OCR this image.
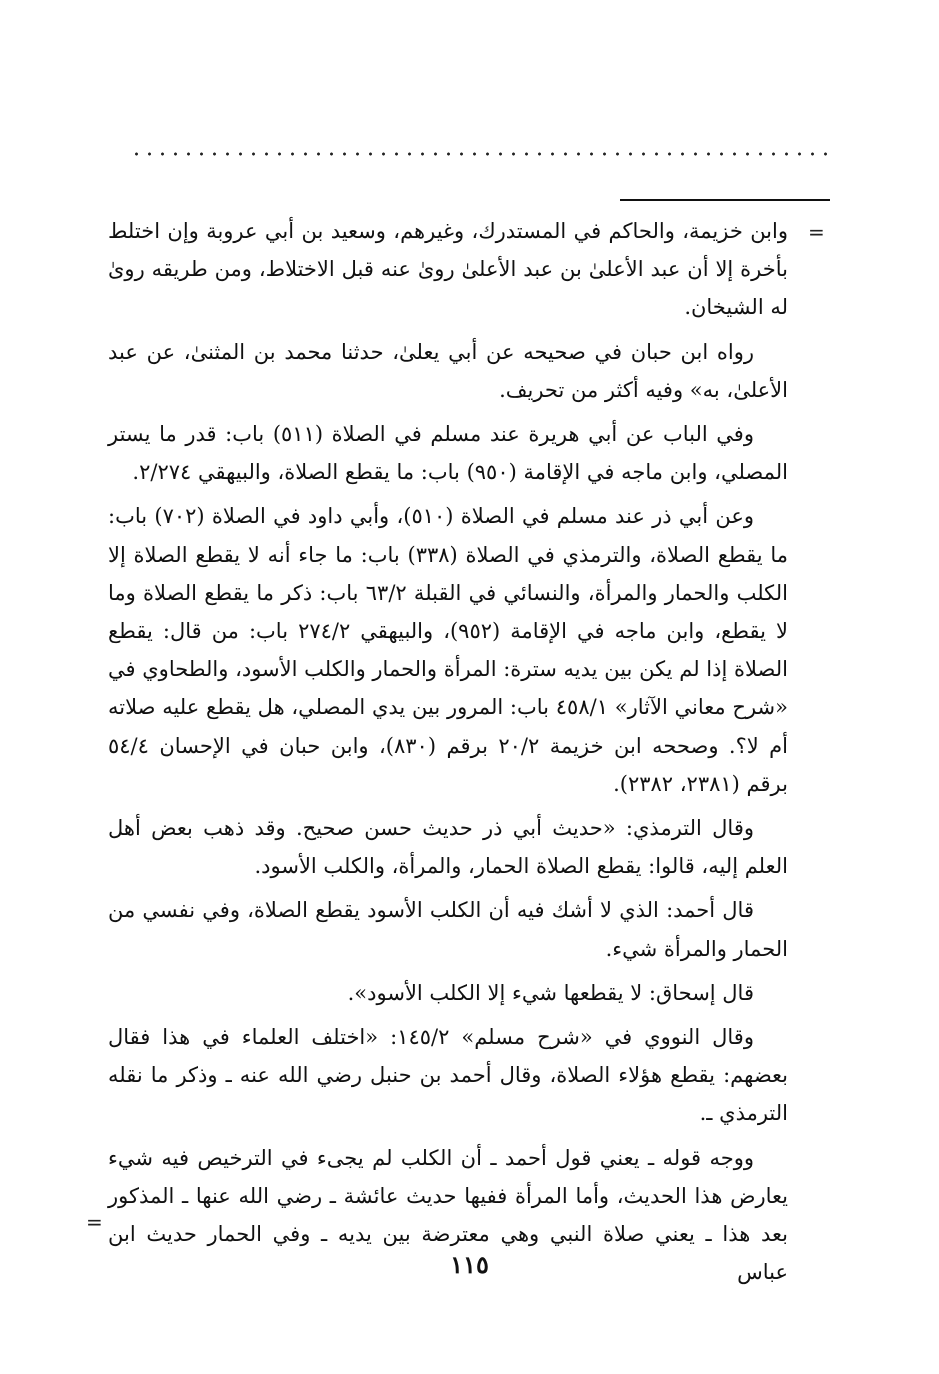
=

وابن خزيمة، والحاكم في المستدرك، وغيرهم، وسعيد بن أبي عروبة وإن اختلط بأخرة إلا أن عبد الأعلىٰ بن عبد الأعلىٰ روىٰ عنه قبل الاختلاط، ومن طريقه روىٰ له الشيخان.

رواه ابن حبان في صحيحه عن أبي يعلىٰ، حدثنا محمد بن المثنىٰ، عن عبد الأعلىٰ، به» وفيه أكثر من تحريف.

وفي الباب عن أبي هريرة عند مسلم في الصلاة (٥١١) باب: قدر ما يستر المصلي، وابن ماجه في الإقامة (٩٥٠) باب: ما يقطع الصلاة، والبيهقي ٢/٢٧٤.

وعن أبي ذر عند مسلم في الصلاة (٥١٠)، وأبي داود في الصلاة (٧٠٢) باب: ما يقطع الصلاة، والترمذي في الصلاة (٣٣٨) باب: ما جاء أنه لا يقطع الصلاة إلا الكلب والحمار والمرأة، والنسائي في القبلة ٦٣/٢ باب: ذكر ما يقطع الصلاة وما لا يقطع، وابن ماجه في الإقامة (٩٥٢)، والبيهقي ٢٧٤/٢ باب: من قال: يقطع الصلاة إذا لم يكن بين يديه سترة: المرأة والحمار والكلب الأسود، والطحاوي في «شرح معاني الآثار» ٤٥٨/١ باب: المرور بين يدي المصلي، هل يقطع عليه صلاته أم لا؟. وصححه ابن خزيمة ٢٠/٢ برقم (٨٣٠)، وابن حبان في الإحسان ٥٤/٤ برقم (٢٣٨١، ٢٣٨٢).

وقال الترمذي: «حديث أبي ذر حديث حسن صحيح. وقد ذهب بعض أهل العلم إليه، قالوا: يقطع الصلاة الحمار، والمرأة، والكلب الأسود.

قال أحمد: الذي لا أشك فيه أن الكلب الأسود يقطع الصلاة، وفي نفسي من الحمار والمرأة شيء.

قال إسحاق: لا يقطعها شيء إلا الكلب الأسود».

وقال النووي في «شرح مسلم» ١٤٥/٢: «اختلف العلماء في هذا فقال بعضهم: يقطع هؤلاء الصلاة، وقال أحمد بن حنبل رضي الله عنه ـ وذكر ما نقله الترمذي ـ.

ووجه قوله ـ يعني قول أحمد ـ أن الكلب لم يجىء في الترخيص فيه شيء يعارض هذا الحديث، وأما المرأة ففيها حديث عائشة ـ رضي الله عنها ـ المذكور بعد هذا ـ يعني صلاة النبي وهي معترضة بين يديه ـ وفي الحمار حديث ابن عباس

=
١١٥
